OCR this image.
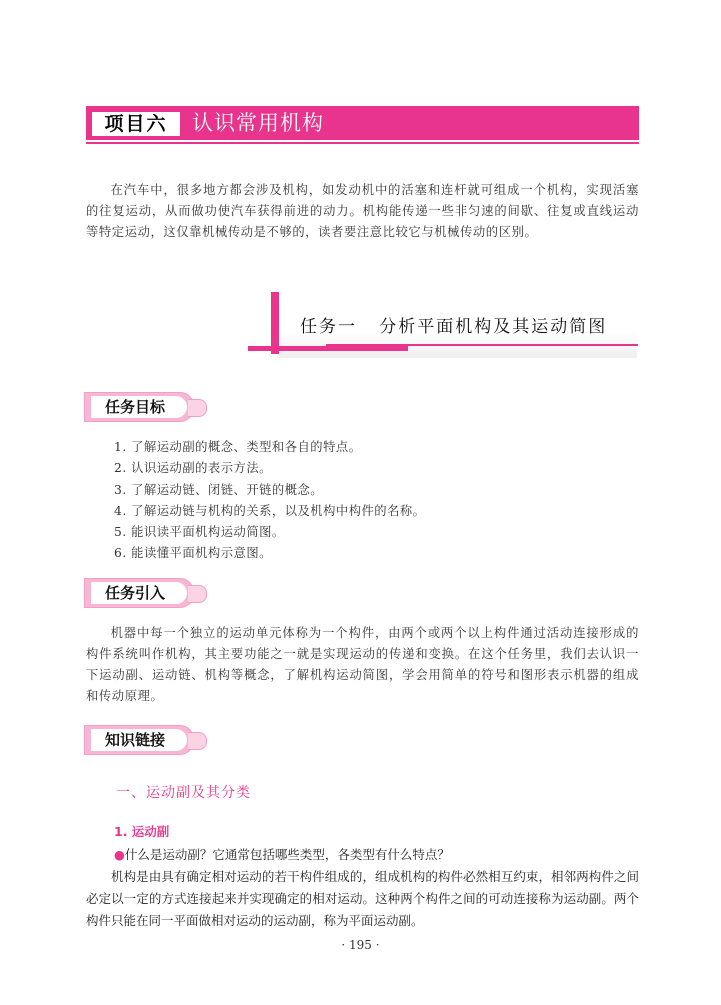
项目六	认识常用机构

在汽车中，很多地方都会涉及机构，如发动机中的活塞和连杆就可组成一个机构，实现活塞的往复运动，从而做功使汽车获得前进的动力。机构能传递一些非匀速的间歇、往复或直线运动等特定运动，这仅靠机械传动是不够的，读者要注意比较它与机械传动的区别。

任务一   分析平面机构及其运动简图
任务目标
1. 了解运动副的概念、类型和各自的特点。
2. 认识运动副的表示方法。
3. 了解运动链、闭链、开链的概念。
4. 了解运动链与机构的关系，以及机构中构件的名称。
5. 能识读平面机构运动简图。
6. 能读懂平面机构示意图。
任务引入

机器中每一个独立的运动单元体称为一个构件，由两个或两个以上构件通过活动连接形成的构件系统叫作机构，其主要功能之一就是实现运动的传递和变换。在这个任务里，我们去认识一下运动副、运动链、机构等概念，了解机构运动简图，学会用简单的符号和图形表示机器的组成和传动原理。

知识链接
一、运动副及其分类
1. 运动副
●什么是运动副？它通常包括哪些类型，各类型有什么特点？

机构是由具有确定相对运动的若干构件组成的，组成机构的构件必然相互约束，相邻两构件之间必定以一定的方式连接起来并实现确定的相对运动。这种两个构件之间的可动连接称为运动副。两个构件只能在同一平面做相对运动的运动副，称为平面运动副。

· 195 ·
